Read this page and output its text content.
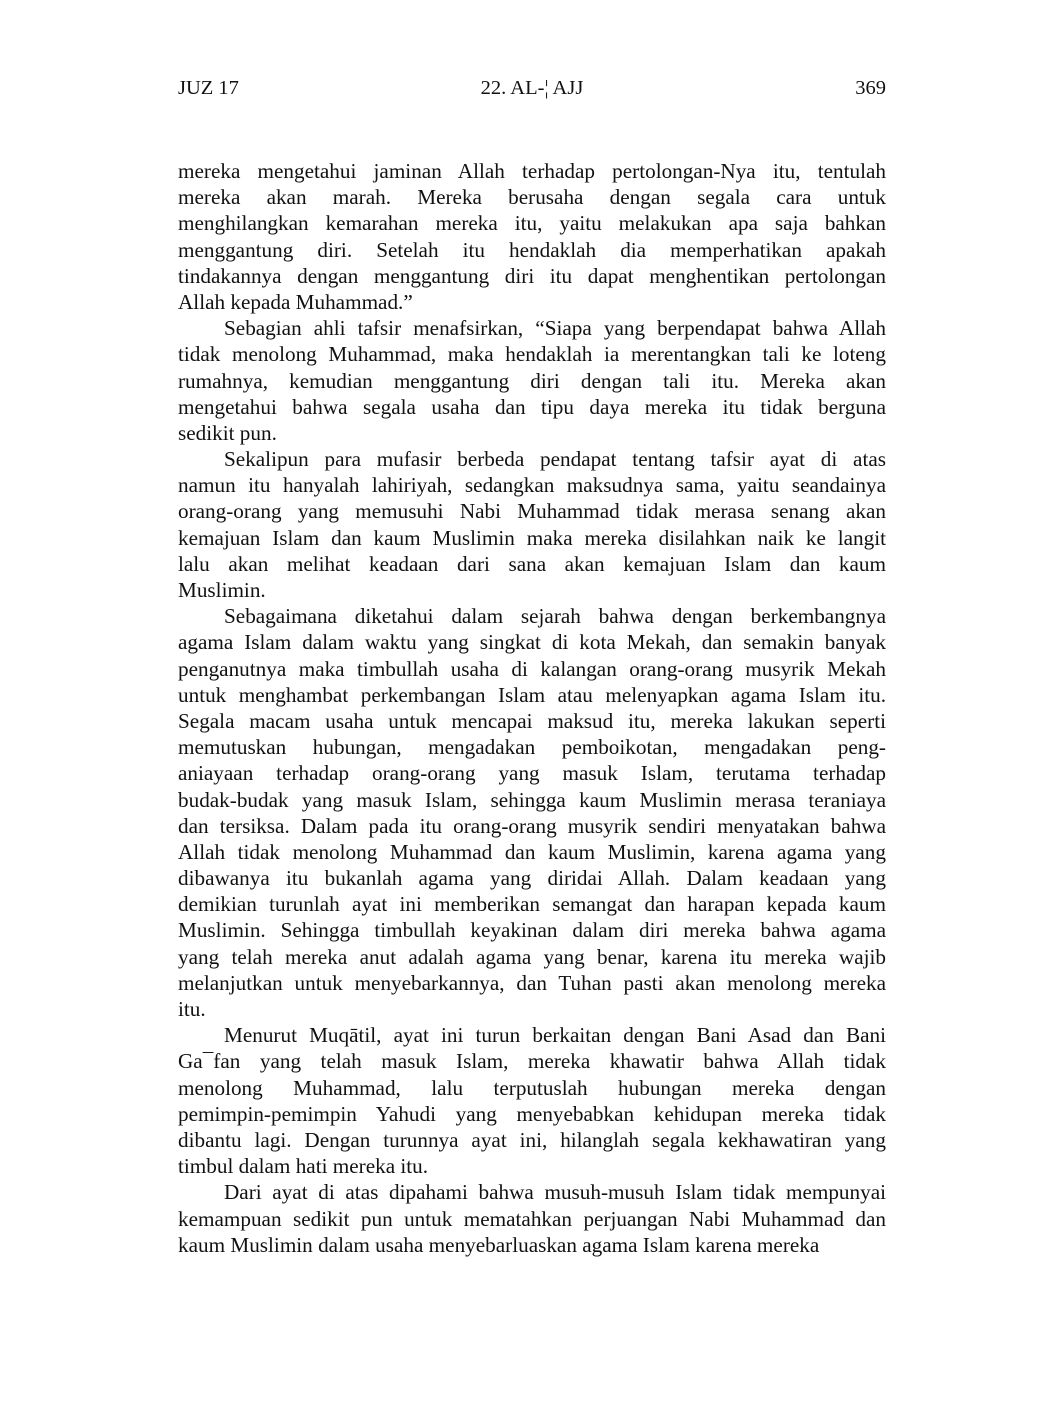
JUZ 17	22. AL-¦ AJJ	369
mereka mengetahui jaminan Allah terhadap pertolongan-Nya itu, tentulah
mereka akan marah. Mereka berusaha dengan segala cara untuk
menghilangkan kemarahan mereka itu, yaitu melakukan apa saja bahkan
menggantung diri. Setelah itu hendaklah dia memperhatikan apakah
tindakannya dengan menggantung diri itu dapat menghentikan pertolongan
Allah kepada Muhammad.”
Sebagian ahli tafsir menafsirkan, “Siapa yang berpendapat bahwa Allah
tidak menolong Muhammad, maka hendaklah ia merentangkan tali ke loteng
rumahnya, kemudian menggantung diri dengan tali itu. Mereka akan
mengetahui bahwa segala usaha dan tipu daya mereka itu tidak berguna
sedikit pun.
Sekalipun para mufasir berbeda pendapat tentang tafsir ayat di atas
namun itu hanyalah lahiriyah, sedangkan maksudnya sama, yaitu seandainya
orang-orang yang memusuhi Nabi Muhammad tidak merasa senang akan
kemajuan Islam dan kaum Muslimin maka mereka disilahkan naik ke langit
lalu akan melihat keadaan dari sana akan kemajuan Islam dan kaum
Muslimin.
Sebagaimana diketahui dalam sejarah bahwa dengan berkembangnya
agama Islam dalam waktu yang singkat di kota Mekah, dan semakin banyak
penganutnya maka timbullah usaha di kalangan orang-orang musyrik Mekah
untuk menghambat perkembangan Islam atau melenyapkan agama Islam itu.
Segala macam usaha untuk mencapai maksud itu, mereka lakukan seperti
memutuskan hubungan, mengadakan pemboikotan, mengadakan peng-
aniayaan terhadap orang-orang yang masuk Islam, terutama terhadap
budak-budak yang masuk Islam, sehingga kaum Muslimin merasa teraniaya
dan tersiksa. Dalam pada itu orang-orang musyrik sendiri menyatakan bahwa
Allah tidak menolong Muhammad dan kaum Muslimin, karena agama yang
dibawanya itu bukanlah agama yang diridai Allah. Dalam keadaan yang
demikian turunlah ayat ini memberikan semangat dan harapan kepada kaum
Muslimin. Sehingga timbullah keyakinan dalam diri mereka bahwa agama
yang telah mereka anut adalah agama yang benar, karena itu mereka wajib
melanjutkan untuk menyebarkannya, dan Tuhan pasti akan menolong mereka
itu.
Menurut Muqātil, ayat ini turun berkaitan dengan Bani Asad dan Bani
Ga¯fan yang telah masuk Islam, mereka khawatir bahwa Allah tidak
menolong Muhammad, lalu terputuslah hubungan mereka dengan
pemimpin-pemimpin Yahudi yang menyebabkan kehidupan mereka tidak
dibantu lagi. Dengan turunnya ayat ini, hilanglah segala kekhawatiran yang
timbul dalam hati mereka itu.
Dari ayat di atas dipahami bahwa musuh-musuh Islam tidak mempunyai
kemampuan sedikit pun untuk mematahkan perjuangan Nabi Muhammad dan
kaum Muslimin dalam usaha menyebarluaskan agama Islam karena mereka
